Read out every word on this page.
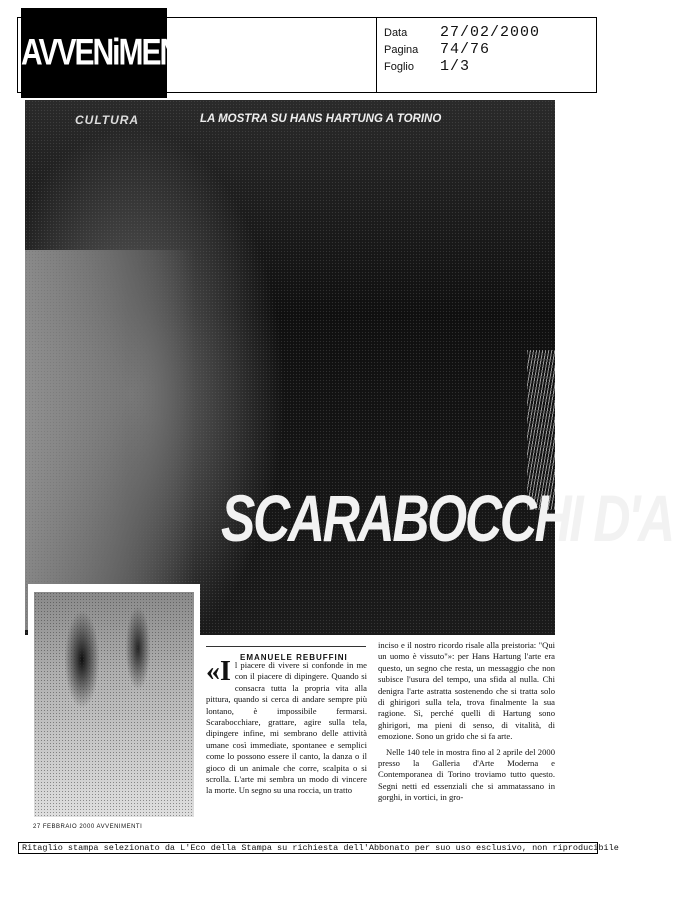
Data	27/02/2000
Pagina	74/76
Foglio	1/3
AVVENiMENTI
CULTURA	LA MOSTRA SU HANS HARTUNG A TORINO
SCARABOCCHI D'A
EMANUELE REBUFFINI

«Il piacere di vivere si confonde in me con il piacere di dipingere. Quando si consacra tutta la propria vita alla pittura, quando si cerca di andare sempre più lontano, è impossibile fermarsi. Scarabocchiare, grattare, agire sulla tela, dipingere infine, mi sembrano delle attività umane così immediate, spontanee e semplici come lo possono essere il canto, la danza o il gioco di un animale che corre, scalpita o si scrolla. L'arte mi sembra un modo di vincere la morte. Un segno su una roccia, un tratto

inciso e il nostro ricordo risale alla preistoria: "Qui un uomo è vissuto"»: per Hans Hartung l'arte era questo, un segno che resta, un messaggio che non subisce l'usura del tempo, una sfida al nulla. Chi denigra l'arte astratta sostenendo che si tratta solo di ghirigori sulla tela, trova finalmente la sua ragione. Sì, perché quelli di Hartung sono ghirigori, ma pieni di senso, di vitalità, di emozione. Sono un grido che si fa arte.

Nelle 140 tele in mostra fino al 2 aprile del 2000 presso la Galleria d'Arte Moderna e Contemporanea di Torino troviamo tutto questo. Segni netti ed essenziali che si ammatassano in gorghi, in vortici, in gro-

27 FEBBRAIO 2000 AVVENIMENTI
Ritaglio stampa selezionato da L'Eco della Stampa su richiesta dell'Abbonato per suo uso esclusivo, non riproducibile
